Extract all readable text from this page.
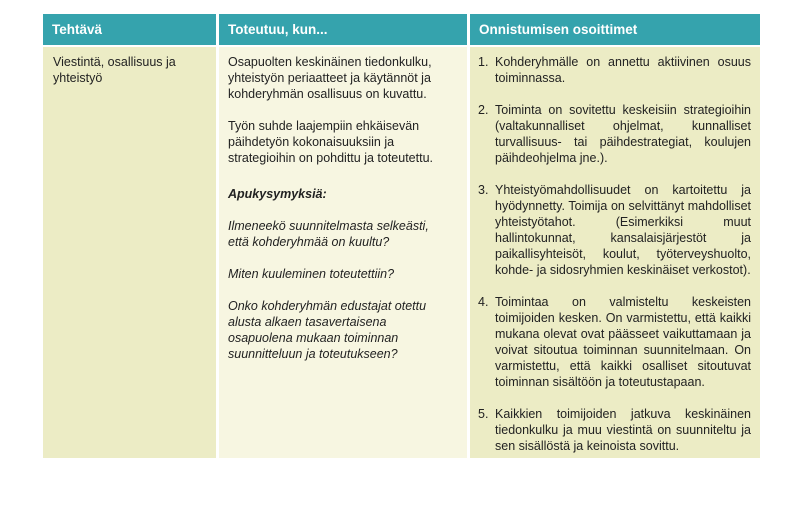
Tehtävä

Viestintä, osallisuus ja yhteistyö

Toteutuu, kun...

Osapuolten keskinäinen tiedonkulku, yhteistyön periaatteet ja käytännöt ja kohderyhmän osallisuus on kuvattu.

Työn suhde laajempiin ehkäisevän päihdetyön kokonaisuuksiin ja strategioihin on pohdittu ja toteutettu.

Apukysymyksiä:

Ilmeneekö suunnitelmasta selkeästi, että kohderyhmää on kuultu?

Miten kuuleminen toteutettiin?

Onko kohderyhmän edustajat otettu alusta alkaen tasavertaisena osapuolena mukaan toiminnan suunnitteluun ja toteutukseen?

Onnistumisen osoittimet
1. Kohderyhmälle on annettu aktiivinen osuus toiminnassa.
2. Toiminta on sovitettu keskeisiin strategioihin (valtakunnalliset ohjelmat, kunnalliset turvallisuus- tai päihdestrategiat, koulujen päihdeohjelma jne.).
3. Yhteistyömahdollisuudet on kartoitettu ja hyödynnetty. Toimija on selvittänyt mahdolliset yhteistyötahot. (Esimerkiksi muut hallintokunnat, kansalaisjärjestöt ja paikallisyhteisöt, koulut, työterveyshuolto, kohde- ja sidosryhmien keskinäiset verkostot).
4. Toimintaa on valmisteltu keskeisten toimijoiden kesken. On varmistettu, että kaikki mukana olevat ovat päässeet vaikuttamaan ja voivat sitoutua toiminnan suunnitelmaan. On varmistettu, että kaikki osalliset sitoutuvat toiminnan sisältöön ja toteutustapaan.
5. Kaikkien toimijoiden jatkuva keskinäinen tiedonkulku ja muu viestintä on suunniteltu ja sen sisällöstä ja keinoista sovittu.
